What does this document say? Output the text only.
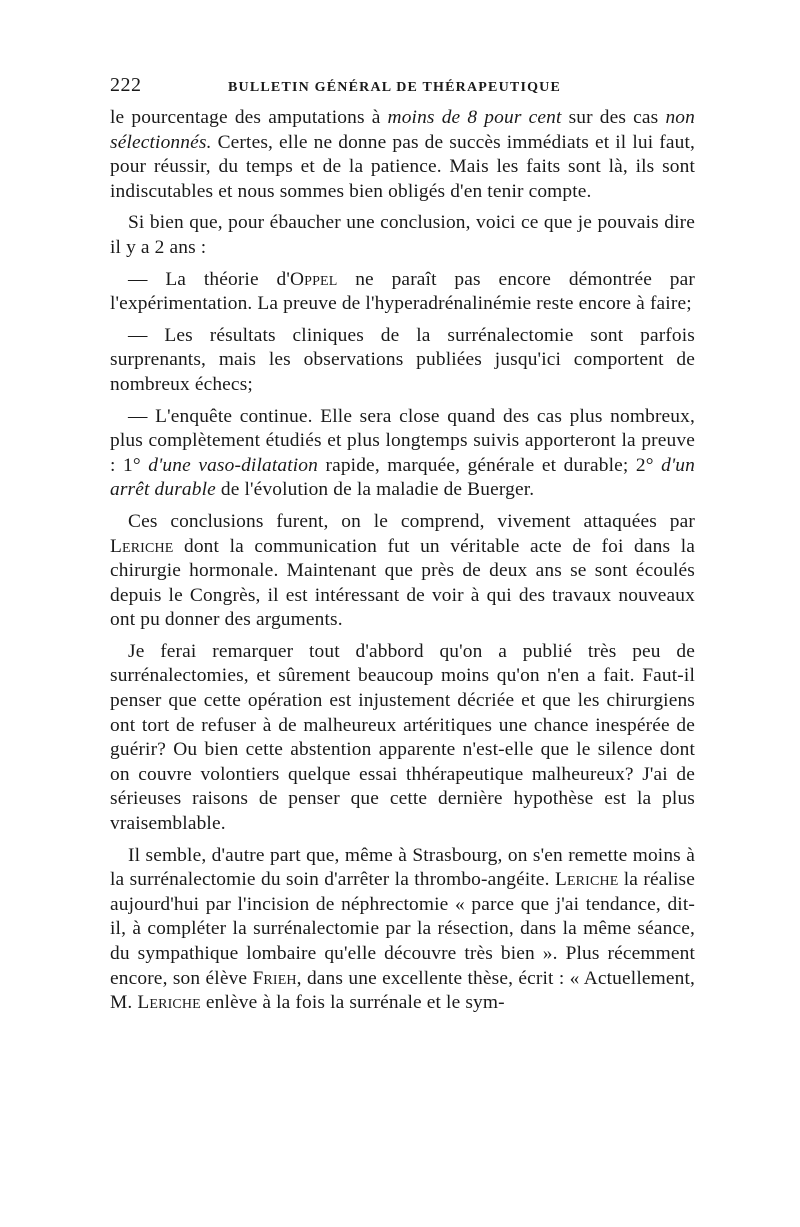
222	BULLETIN GÉNÉRAL DE THÉRAPEUTIQUE

le pourcentage des amputations à moins de 8 pour cent sur des cas non sélectionnés. Certes, elle ne donne pas de succès immédiats et il lui faut, pour réussir, du temps et de la patience. Mais les faits sont là, ils sont indiscutables et nous sommes bien obligés d'en tenir compte.

Si bien que, pour ébaucher une conclusion, voici ce que je pouvais dire il y a 2 ans :

— La théorie d'Oppel ne paraît pas encore démontrée par l'expérimentation. La preuve de l'hyperadrénalinémie reste encore à faire;

— Les résultats cliniques de la surrénalectomie sont parfois surprenants, mais les observations publiées jusqu'ici comportent de nombreux échecs;

— L'enquête continue. Elle sera close quand des cas plus nombreux, plus complètement étudiés et plus longtemps suivis apporteront la preuve : 1° d'une vaso-dilatation rapide, marquée, générale et durable; 2° d'un arrêt durable de l'évolution de la maladie de Buerger.

Ces conclusions furent, on le comprend, vivement attaquées par Leriche dont la communication fut un véritable acte de foi dans la chirurgie hormonale. Maintenant que près de deux ans se sont écoulés depuis le Congrès, il est intéressant de voir à qui des travaux nouveaux ont pu donner des arguments.

Je ferai remarquer tout d'abbord qu'on a publié très peu de surrénalectomies, et sûrement beaucoup moins qu'on n'en a fait. Faut-il penser que cette opération est injustement décriée et que les chirurgiens ont tort de refuser à de malheureux artéritiques une chance inespérée de guérir? Ou bien cette abstention apparente n'est-elle que le silence dont on couvre volontiers quelque essai thhérapeutique malheureux? J'ai de sérieuses raisons de penser que cette dernière hypothèse est la plus vraisemblable.

Il semble, d'autre part que, même à Strasbourg, on s'en remette moins à la surrénalectomie du soin d'arrêter la thrombo-angéite. Leriche la réalise aujourd'hui par l'incision de néphrectomie « parce que j'ai tendance, dit-il, à compléter la surrénalectomie par la résection, dans la même séance, du sympathique lombaire qu'elle découvre très bien ». Plus récemment encore, son élève Frieh, dans une excellente thèse, écrit : « Actuellement, M. Leriche enlève à la fois la surrénale et le sym-
